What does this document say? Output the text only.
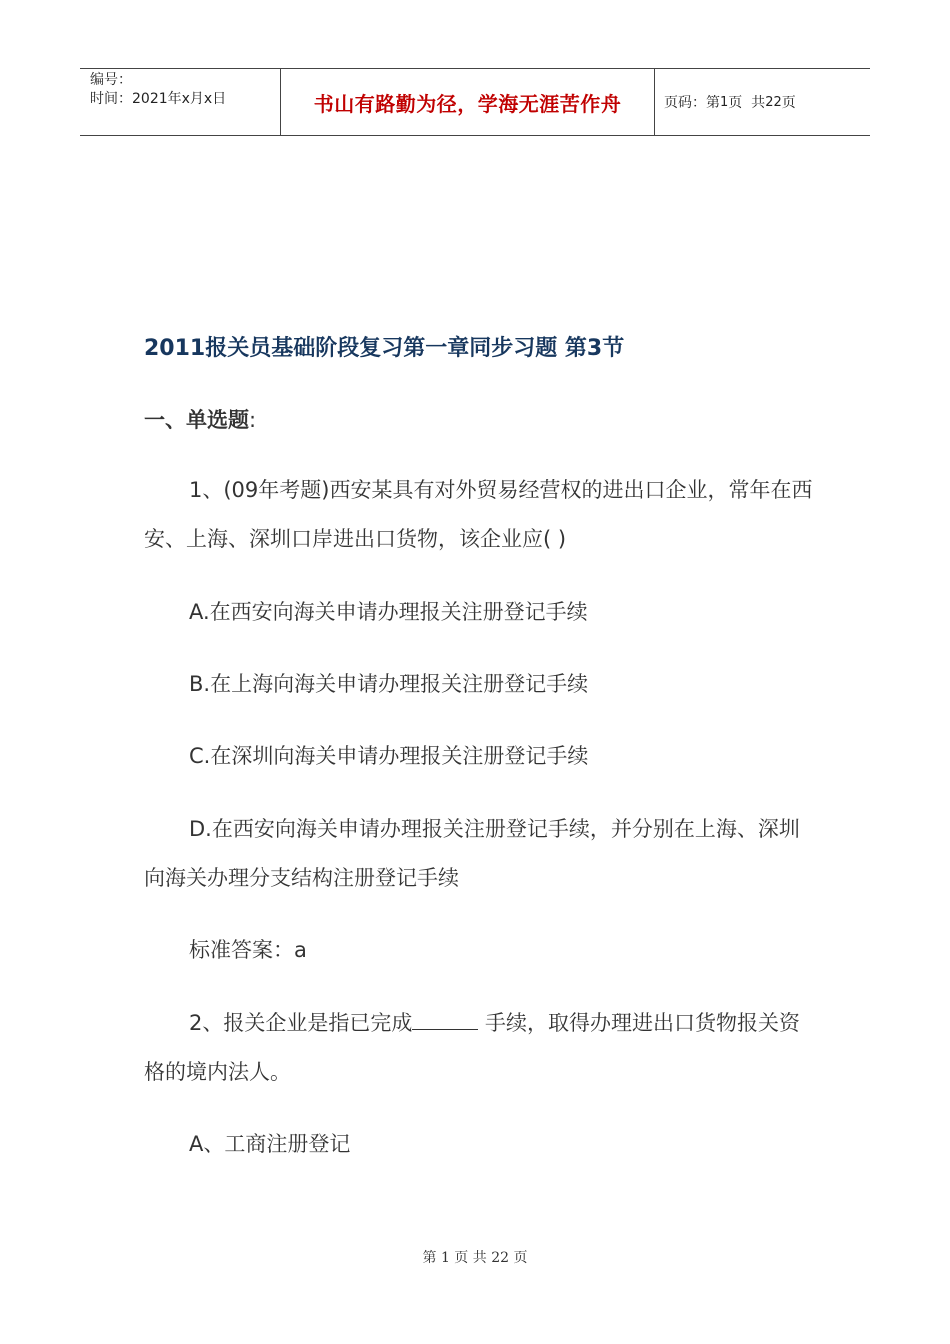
编号：
时间：2021年x月x日	书山有路勤为径，学海无涯苦作舟	页码：第 1 页  共 22 页
2011报关员基础阶段复习第一章同步习题 第3节
一、单选题:

1、(09年考题)西安某具有对外贸易经营权的进出口企业，常年在西安、上海、深圳口岸进出口货物，该企业应( )

A.在西安向海关申请办理报关注册登记手续

B.在上海向海关申请办理报关注册登记手续

C.在深圳向海关申请办理报关注册登记手续

D.在西安向海关申请办理报关注册登记手续，并分别在上海、深圳向海关办理分支结构注册登记手续

标准答案：a

2、报关企业是指已完成	手续，取得办理进出口货物报关资格的境内法人。

A、工商注册登记

第 1 页 共 22 页
